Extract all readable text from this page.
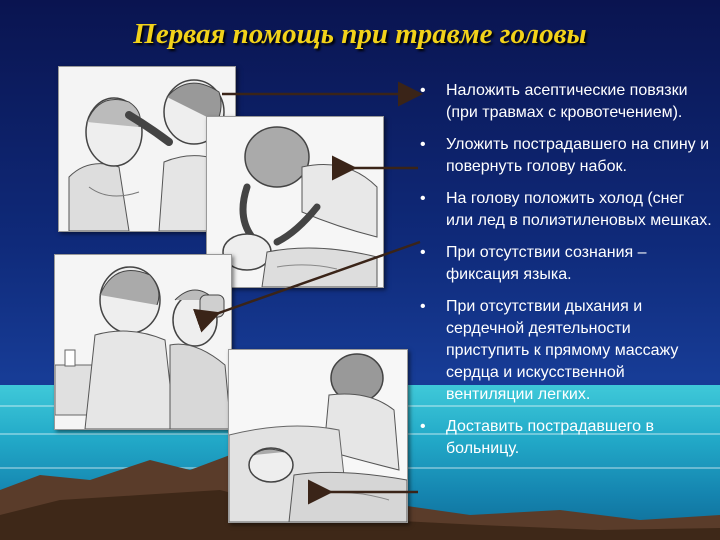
Первая помощь при травме головы
• Наложить асептические повязки (при травмах с кровотечением).
• Уложить пострадавшего на спину и повернуть голову набок.
• На голову положить холод (снег или лед в полиэтиленовых мешках.
• При отсутствии сознания – фиксация языка.
• При отсутствии дыхания и сердечной деятельности приступить к прямому массажу сердца и искусственной вентиляции легких.
• Доставить пострадавшего в больницу.
